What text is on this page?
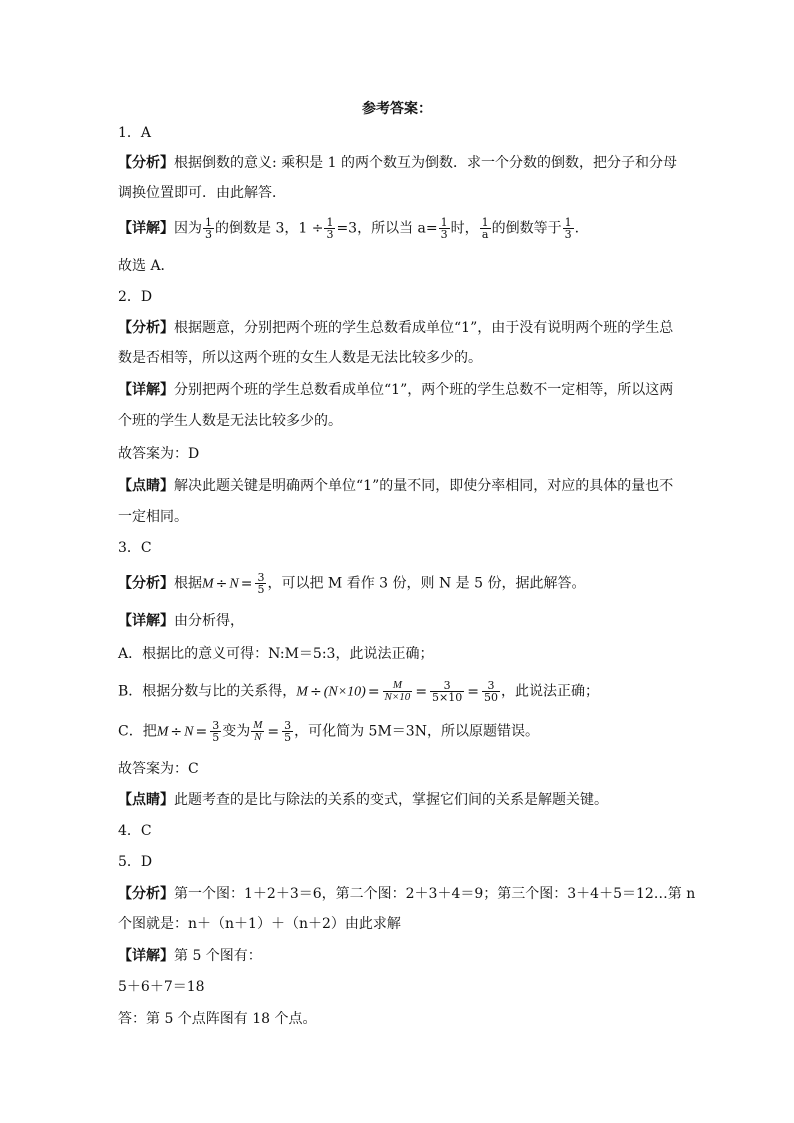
参考答案：
1．A
【分析】根据倒数的意义: 乘积是 1 的两个数互为倒数．求一个分数的倒数，把分子和分母
调换位置即可．由此解答．
【详解】因为 $\frac{1}{3}$ 的倒数是 3，$1 \div \frac{1}{3} =3$，所以当 $a= \frac{1}{3}$ 时， $\frac{1}{a}$ 的倒数等于 $\frac{1}{3}$ .
故选 A．
2．D
【分析】根据题意，分别把两个班的学生总数看成单位“1”，由于没有说明两个班的学生总
数是否相等，所以这两个班的女生人数是无法比较多少的。
【详解】分别把两个班的学生总数看成单位“1”，两个班的学生总数不一定相等，所以这两
个班的学生人数是无法比较多少的。
故答案为：D
【点睛】解决此题关键是明确两个单位“1”的量不同，即使分率相同，对应的具体的量也不
一定相同。
3．C
【分析】根据$M \div N = \frac{3}{5}$ ，可以把 M 看作 3 份，则 N 是 5 份，据此解答。
【详解】由分析得，
A．根据比的意义可得：N:M＝5:3，此说法正确；
B．根据分数与比的关系得，$M \div (N\times 10) = \frac{M}{N\times 10} = \frac{3}{5\times 10} = \frac{3}{50}$ ，此说法正确；
C．把$M \div N = \frac{3}{5}$ 变为 $\frac{M}{N} = \frac{3}{5}$ ，可化简为 5M＝3N，所以原题错误。
故答案为：C
【点睛】此题考查的是比与除法的关系的变式，掌握它们间的关系是解题关键。
4．C
5．D
【分析】第一个图：1＋2＋3＝6，第二个图：2＋3＋4＝9；第三个图：3＋4＋5＝12…第 n
个图就是：n＋（n＋1）＋（n＋2）由此求解
【详解】第 5 个图有：
5＋6＋7＝18
答：第 5 个点阵图有 18 个点。
